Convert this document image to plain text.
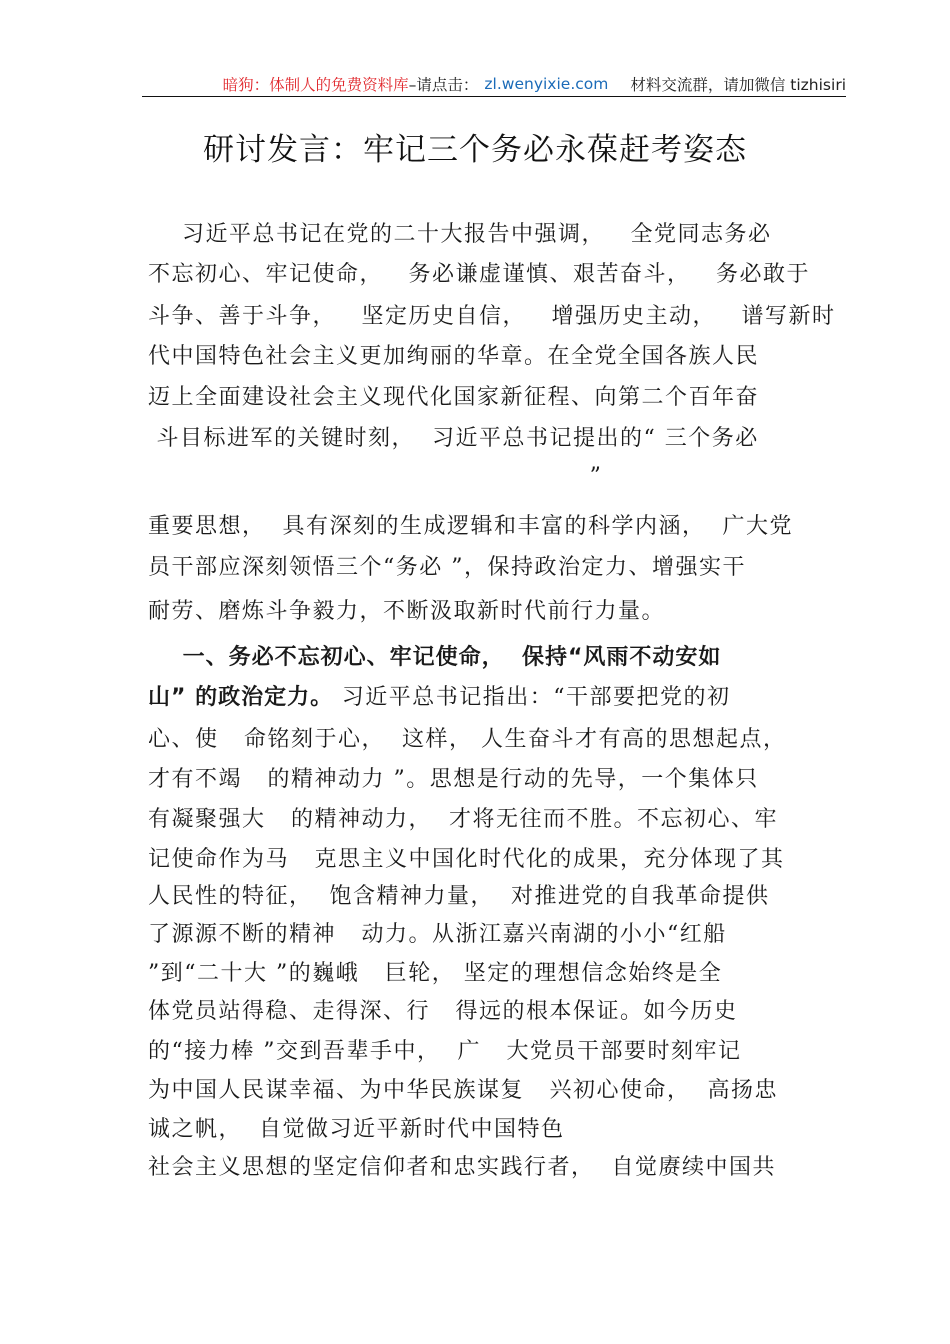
暗狗：体制人的免费资料库 –请点击： zl.wenyixie.com 材料交流群，请加微信 tizhisiri
研讨发言：牢记三个务必永葆赶考姿态
习近平总书记在党的二十大报告中强调，   全党同志务必
不忘初心、牢记使命，   务必谦虚谨慎、艰苦奋斗，   务必敢于
斗争、善于斗争，   坚定历史自信，   增强历史主动，   谱写新时
代中国特色社会主义更加绚丽的华章。在全党全国各族人民
迈上全面建设社会主义现代化国家新征程、向第二个百年奋
斗目标进军的关键时刻，  习近平总书记提出的“ 三个务必
”
重要思想，  具有深刻的生成逻辑和丰富的科学内涵，  广大党
员干部应深刻领悟三个“务必 ”，保持政治定力、增强实干
耐劳、磨炼斗争毅力，不断汲取新时代前行力量。
一、务必不忘初心、牢记使命，  保持“风雨不动安如
山” 的政治定力。 习近平总书记指出：“干部要把党的初
心、使   命铭刻于心，  这样， 人生奋斗才有高的思想起点，
才有不竭   的精神动力 ”。思想是行动的先导，一个集体只
有凝聚强大   的精神动力，  才将无往而不胜。不忘初心、牢
记使命作为马   克思主义中国化时代化的成果，充分体现了其
人民性的特征，  饱含精神力量，  对推进党的自我革命提供
了源源不断的精神   动力。从浙江嘉兴南湖的小小“红船
”到“二十大 ”的巍峨   巨轮， 坚定的理想信念始终是全
体党员站得稳、走得深、行   得远的根本保证。如今历史
的“接力棒 ”交到吾辈手中，  广   大党员干部要时刻牢记
为中国人民谋幸福、为中华民族谋复   兴初心使命，  高扬忠
诚之帆，  自觉做习近平新时代中国特色
社会主义思想的坚定信仰者和忠实践行者，  自觉赓续中国共
